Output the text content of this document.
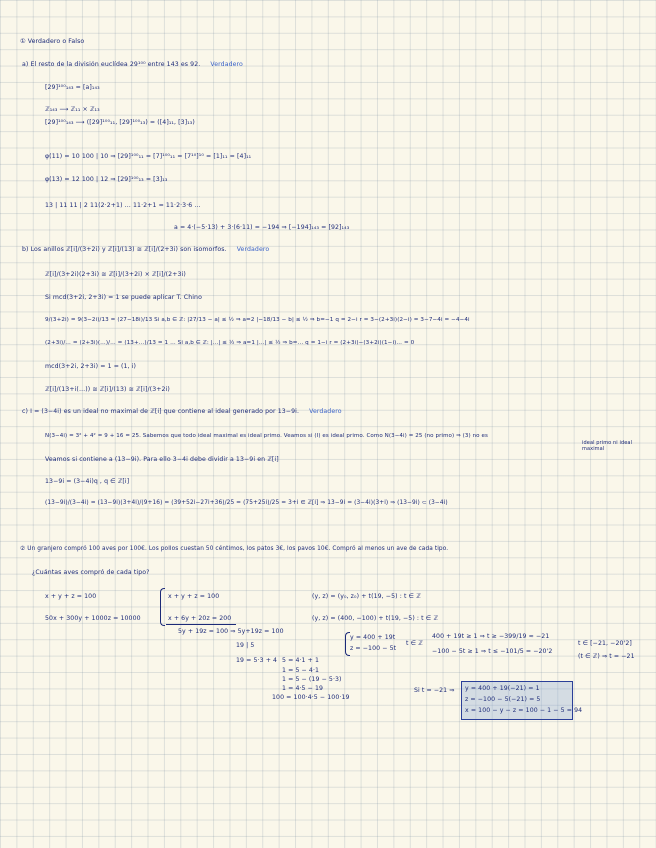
① Verdadero o Falso
a) El resto de la división euclídea 29¹⁰⁰ entre 143 es 92. Verdadero
[29]¹⁰⁰₁₄₃ = [a]₁₄₃
ℤ₁₄₃ ⟶ ℤ₁₁ × ℤ₁₃
[29]¹⁰⁰₁₄₃ ⟶ ([29]¹⁰⁰₁₁, [29]¹⁰⁰₁₃) = ([4]₁₁, [3]₁₃)
φ(11) = 10 100 | 10 ⇒ [29]¹⁰⁰₁₁ = [7]¹⁰⁰₁₁ = [7¹⁰]¹⁰ = [1]₁₁ = [4]₁₁
φ(13) = 12 100 | 12 ⇒ [29]¹⁰⁰₁₃ = [3]₁₃
13 | 11 11 | 2 11(2·2+1) … 11·2+1 = 11·2·3·6 …
a = 4·(−5·13) + 3·(6·11) = −194 ⇒ [−194]₁₄₃ = [92]₁₄₃
b) Los anillos ℤ[i]/(3+2i) y ℤ[i]/(13) ≅ ℤ[i]/(2+3i) son isomorfos. Verdadero
ℤ[i]/(3+2i)(2+3i) ≅ ℤ[i]/(3+2i) × ℤ[i]/(2+3i)
Si mcd(3+2i, 2+3i) = 1 se puede aplicar T. Chino
9/(3+2i) = 9(3−2i)/13 = (27−18i)/13 Si a,b ∈ ℤ: |27/13 − a| ≤ ½ ⇒ a=2 |−18/13 − b| ≤ ½ ⇒ b=−1 q = 2−i r = 3−(2+3i)(2−i) = 3−7−4i = −4−4i
(2+3i)/… = (2+3i)(…)/… = (13+…)/13 = 1 … Si a,b ∈ ℤ: |…| ≤ ½ ⇒ a=1 |…| ≤ ½ ⇒ b=… q = 1−i r = (2+3i)−(3+2i)(1−i)… = 0
mcd(3+2i, 2+3i) = 1 = (1, i)
ℤ[i]/(13+i(…)) ≅ ℤ[i]/(13) ≅ ℤ[i]/(3+2i)
c) I = (3−4i) es un ideal no maximal de ℤ[i] que contiene al ideal generado por 13−9i. Verdadero
N(3−4i) = 3² + 4² = 9 + 16 = 25. Sabemos que todo ideal maximal es ideal primo. Veamos si (I) es ideal primo. Como N(3−4i) = 25 (no primo) ⇒ (3) no es
ideal primo ni ideal maximal
Veamos si contiene a (13−9i). Para ello 3−4i debe dividir a 13−9i en ℤ[i]
13−9i = (3−4i)q , q ∈ ℤ[i]
(13−9i)/(3−4i) = (13−9i)(3+4i)/(9+16) = (39+52i−27i+36)/25 = (75+25i)/25 = 3+i ∈ ℤ[i] ⇒ 13−9i = (3−4i)(3+i) ⇒ (13−9i) ⊂ (3−4i)
② Un granjero compró 100 aves por 100€. Los pollos cuestan 50 céntimos, los patos 3€, los pavos 10€. Compró al menos un ave de cada tipo.
¿Cuántas aves compró de cada tipo?
x + y + z = 100
50x + 300y + 1000z = 10000
x + y + z = 100
x + 6y + 20z = 200
5y + 19z = 100 ⇒ 5y+19z = 100
19 | 5
19 = 5·3 + 4 5 = 4·1 + 1
1 = 5 − 4·1
1 = 5 − (19 − 5·3)
1 = 4·5 − 19
100 = 100·4·5 − 100·19
(y, z) = (y₀, z₀) + t(19, −5) : t ∈ ℤ
(y, z) = (400, −100) + t(19, −5) : t ∈ ℤ
y = 400 + 19t
z = −100 − 5t
t ∈ ℤ
400 + 19t ≥ 1 ⇒ t ≥ −399/19 ≈ −21
−100 − 5t ≥ 1 ⇒ t ≤ −101/5 = −20'2
t ∈ [−21, −20'2]
(t ∈ ℤ) ⇒ t = −21
Si t = −21 ⇒ y = 400 + 19(−21) = 1
z = −100 − 5(−21) = 5
x = 100 − y − z = 100 − 1 − 5 = 94
